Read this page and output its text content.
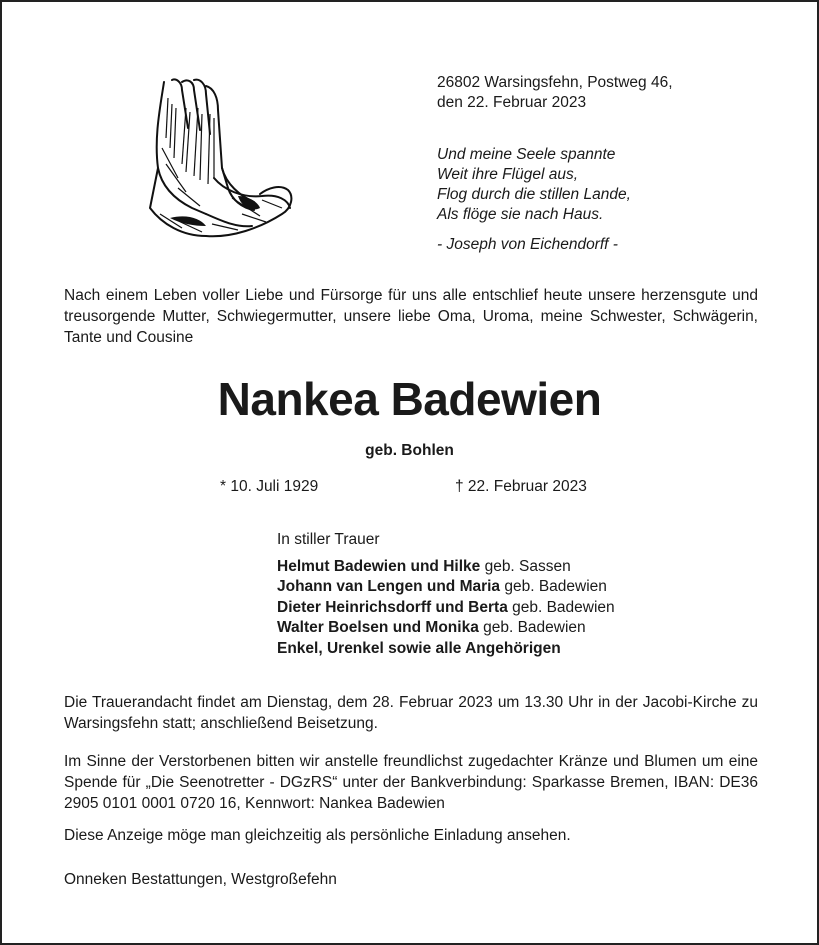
26802 Warsingsfehn, Postweg 46,
den 22. Februar 2023
Und meine Seele spannte
Weit ihre Flügel aus,
Flog durch die stillen Lande,
Als flöge sie nach Haus.
- Joseph von Eichendorff -
Nach einem Leben voller Liebe und Fürsorge für uns alle entschlief heute unsere herzensgute und treusorgende Mutter, Schwiegermutter, unsere liebe Oma, Uroma, meine Schwester, Schwägerin, Tante und Cousine
Nankea Badewien
geb. Bohlen
* 10. Juli 1929	† 22. Februar 2023
In stiller Trauer
Helmut Badewien und Hilke geb. Sassen
Johann van Lengen und Maria geb. Badewien
Dieter Heinrichsdorff und Berta geb. Badewien
Walter Boelsen und Monika geb. Badewien
Enkel, Urenkel sowie alle Angehörigen
Die Trauerandacht findet am Dienstag, dem 28. Februar 2023 um 13.30 Uhr in der Jacobi-Kirche zu Warsingsfehn statt; anschließend Beisetzung.
Im Sinne der Verstorbenen bitten wir anstelle freundlichst zugedachter Kränze und Blumen um eine Spende für „Die Seenotretter - DGzRS“ unter der Bankverbindung: Sparkasse Bremen, IBAN: DE36 2905 0101 0001 0720 16, Kennwort: Nankea Badewien
Diese Anzeige möge man gleichzeitig als persönliche Einladung ansehen.
Onneken Bestattungen, Westgroßefehn
